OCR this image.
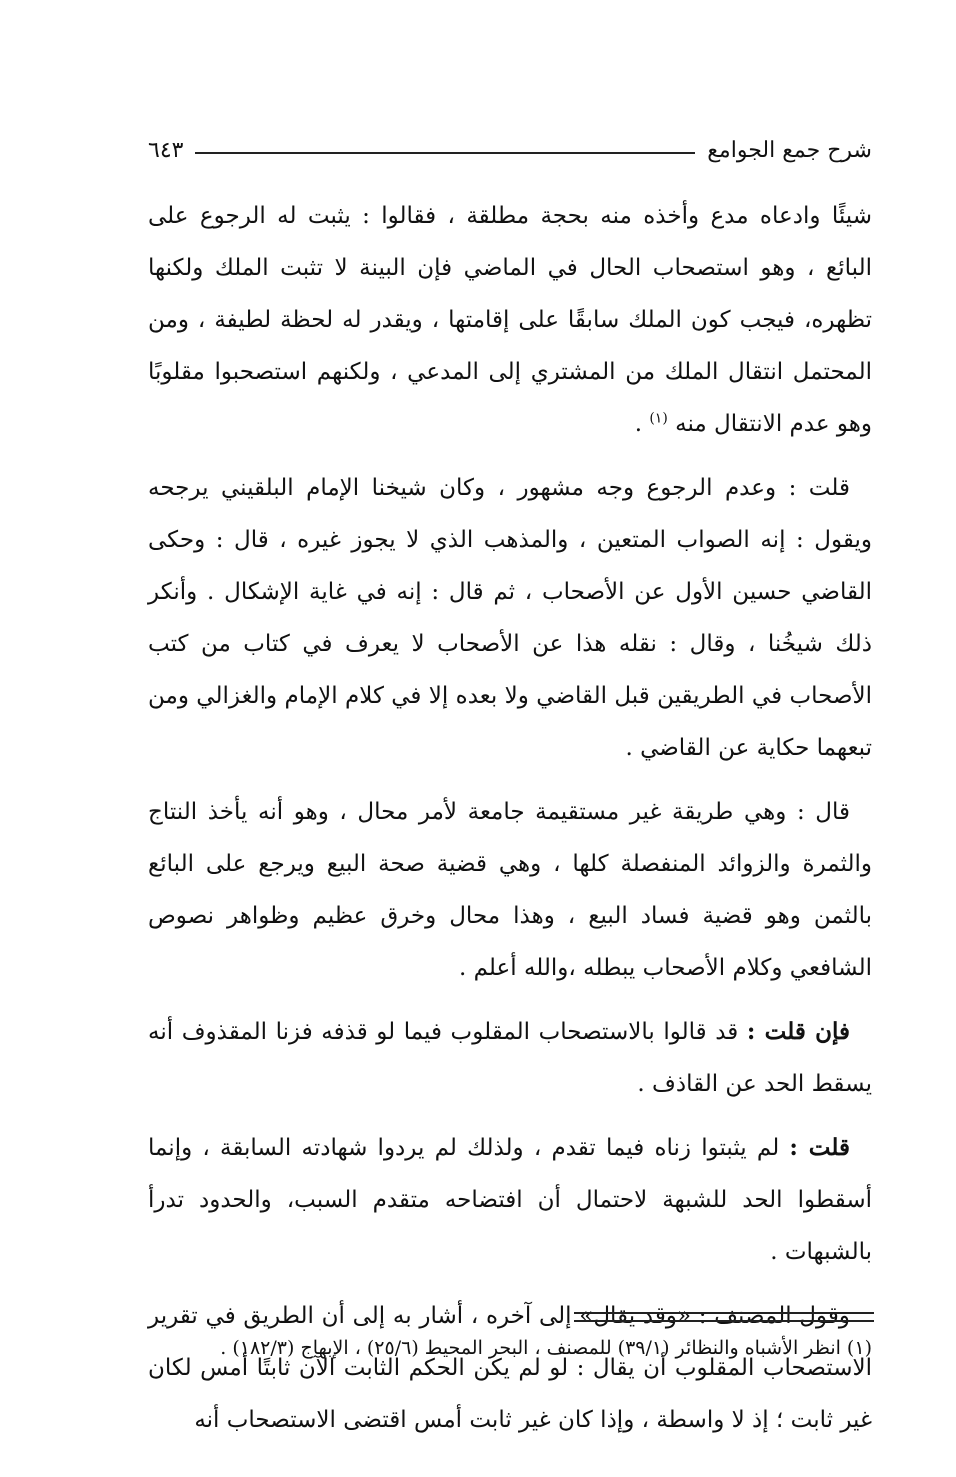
شرح جمع الجوامع
٦٤٣

شيئًا وادعاه مدع وأخذه منه بحجة مطلقة ، فقالوا : يثبت له الرجوع على البائع ، وهو استصحاب الحال في الماضي فإن البينة لا تثبت الملك ولكنها تظهره، فيجب كون الملك سابقًا على إقامتها ، ويقدر له لحظة لطيفة ، ومن المحتمل انتقال الملك من المشتري إلى المدعي ، ولكنهم استصحبوا مقلوبًا وهو عدم الانتقال منه $^{(١)}$ .

قلت : وعدم الرجوع وجه مشهور ، وكان شيخنا الإمام البلقيني يرجحه ويقول : إنه الصواب المتعين ، والمذهب الذي لا يجوز غيره ، قال : وحكى القاضي حسين الأول عن الأصحاب ، ثم قال : إنه في غاية الإشكال . وأنكر ذلك شيخُنا ، وقال : نقله هذا عن الأصحاب لا يعرف في كتاب من كتب الأصحاب في الطريقين قبل القاضي ولا بعده إلا في كلام الإمام والغزالي ومن تبعهما حكاية عن القاضي .

قال : وهي طريقة غير مستقيمة جامعة لأمر محال ، وهو أنه يأخذ النتاج والثمرة والزوائد المنفصلة كلها ، وهي قضية صحة البيع ويرجع على البائع بالثمن وهو قضية فساد البيع ، وهذا محال وخرق عظيم وظواهر نصوص الشافعي وكلام الأصحاب يبطله ،والله أعلم .

فإن قلت : قد قالوا بالاستصحاب المقلوب فيما لو قذفه فزنا المقذوف أنه يسقط الحد عن القاذف .

قلت : لم يثبتوا زناه فيما تقدم ، ولذلك لم يردوا شهادته السابقة ، وإنما أسقطوا الحد للشبهة لاحتمال أن افتضاحه متقدم السبب، والحدود تدرأ بالشبهات .

وقول المصنف : «وقد يقال» إلى آخره ، أشار به إلى أن الطريق في تقرير الاستصحاب المقلوب أن يقال : لو لم يكن الحكم الثابت الآن ثابتًا أمس لكان غير ثابت ؛ إذ لا واسطة ، وإذا كان غير ثابت أمس اقتضى الاستصحاب أنه

(١) انظر الأشباه والنظائر (٣٩/١) للمصنف ، البحر المحيط (٢٥/٦) ، الإبهاج (١٨٢/٣) .
